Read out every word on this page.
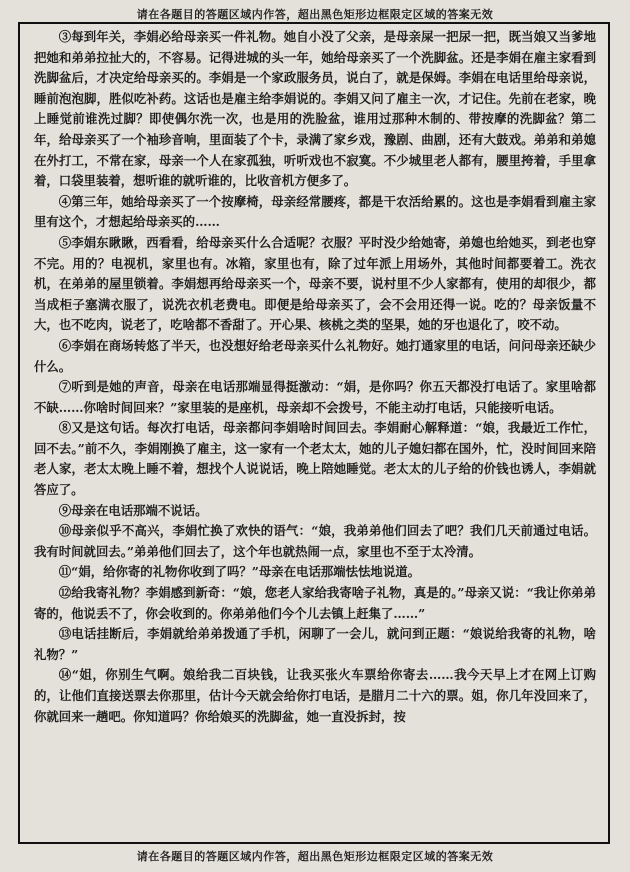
请在各题目的答题区域内作答，超出黑色矩形边框限定区域的答案无效

③每到年关，李娟必给母亲买一件礼物。她自小没了父亲，是母亲屎一把尿一把，既当娘又当爹地把她和弟弟拉扯大的，不容易。记得进城的头一年，她给母亲买了一个洗脚盆。还是李娟在雇主家看到洗脚盆后，才决定给母亲买的。李娟是一个家政服务员，说白了，就是保姆。李娟在电话里给母亲说，睡前泡泡脚，胜似吃补药。这话也是雇主给李娟说的。李娟又问了雇主一次，才记住。先前在老家，晚上睡觉前谁洗过脚？即使偶尔洗一次，也是用的洗脸盆，谁用过那种木制的、带按摩的洗脚盆？第二年，给母亲买了一个袖珍音响，里面装了个卡，录满了家乡戏，豫剧、曲剧，还有大鼓戏。弟弟和弟媳在外打工，不常在家，母亲一个人在家孤独，听听戏也不寂寞。不少城里老人都有，腰里挎着，手里拿着，口袋里装着，想听谁的就听谁的，比收音机方便多了。

④第三年，她给母亲买了一个按摩椅，母亲经常腰疼，都是干农活给累的。这也是李娟看到雇主家里有这个，才想起给母亲买的……

⑤李娟东瞅瞅，西看看，给母亲买什么合适呢？衣服？平时没少给她寄，弟媳也给她买，到老也穿不完。用的？电视机，家里也有。冰箱，家里也有，除了过年派上用场外，其他时间都要着工。洗衣机，在弟弟的屋里锁着。李娟想再给母亲买一个，母亲不要，说村里不少人家都有，使用的却很少，都当成柜子塞满衣服了，说洗衣机老费电。即便是给母亲买了，会不会用还得一说。吃的？母亲饭量不大，也不吃肉，说老了，吃啥都不香甜了。开心果、核桃之类的坚果，她的牙也退化了，咬不动。

⑥李娟在商场转悠了半天，也没想好给老母亲买什么礼物好。她打通家里的电话，问问母亲还缺少什么。

⑦听到是她的声音，母亲在电话那端显得挺激动：“娟，是你吗？你五天都没打电话了。家里啥都不缺……你啥时间回来？”家里装的是座机，母亲却不会拨号，不能主动打电话，只能接听电话。

⑧又是这句话。每次打电话，母亲都问李娟啥时间回去。李娟耐心解释道：“娘，我最近工作忙，回不去。”前不久，李娟刚换了雇主，这一家有一个老太太，她的儿子媳妇都在国外，忙，没时间回来陪老人家，老太太晚上睡不着，想找个人说说话，晚上陪她睡觉。老太太的儿子给的价钱也诱人，李娟就答应了。

⑨母亲在电话那端不说话。

⑩母亲似乎不高兴，李娟忙换了欢快的语气：“娘，我弟弟他们回去了吧？我们几天前通过电话。我有时间就回去。”弟弟他们回去了，这个年也就热闹一点，家里也不至于太冷清。

⑪“娟，给你寄的礼物你收到了吗？”母亲在电话那端怯怯地说道。

⑫给我寄礼物？李娟感到新奇：“娘，您老人家给我寄啥子礼物，真是的。”母亲又说：“我让你弟弟寄的，他说丢不了，你会收到的。你弟弟他们今个儿去镇上赶集了……”

⑬电话挂断后，李娟就给弟弟拨通了手机，闲聊了一会儿，就问到正题：“娘说给我寄的礼物，啥礼物？”

⑭“姐，你别生气啊。娘给我二百块钱，让我买张火车票给你寄去……我今天早上才在网上订购的，让他们直接送票去你那里，估计今天就会给你打电话，是腊月二十六的票。姐，你几年没回来了，你就回来一趟吧。你知道吗？你给娘买的洗脚盆，她一直没拆封，按

请在各题目的答题区域内作答，超出黑色矩形边框限定区域的答案无效
